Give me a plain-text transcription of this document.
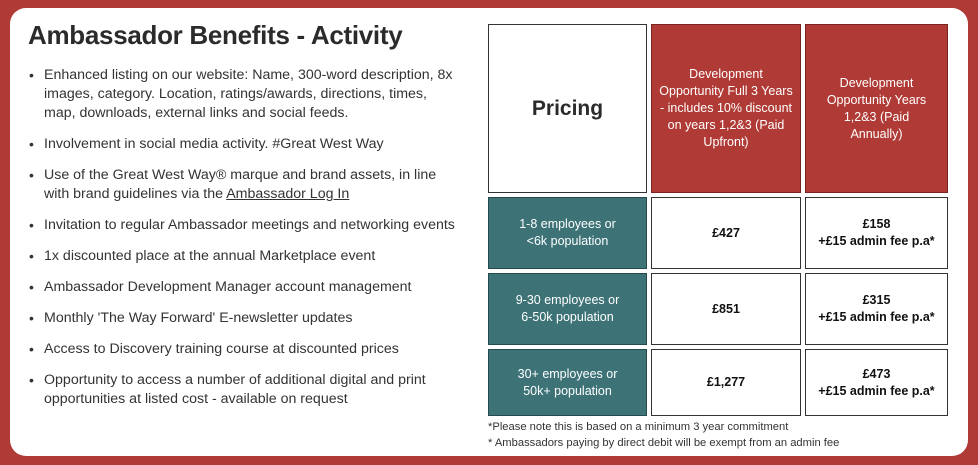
Ambassador Benefits - Activity
• Enhanced listing on our website: Name, 300-word description, 8x images, category. Location, ratings/awards, directions, times, map, downloads, external links and social feeds.
• Involvement in social media activity. #Great West Way
• Use of the Great West Way® marque and brand assets, in line with brand guidelines via the Ambassador Log In
• Invitation to regular Ambassador meetings and networking events
• 1x discounted place at the annual Marketplace event
• Ambassador Development Manager account management
• Monthly 'The Way Forward' E-newsletter updates
• Access to Discovery training course at discounted prices
• Opportunity to access a number of additional digital and print opportunities at listed cost - available on request
Pricing
Development Opportunity Full 3 Years - includes 10% discount on years 1,2&3 (Paid Upfront)
Development Opportunity Years 1,2&3 (Paid Annually)
1-8 employees or <6k population
£427
£158
+£15 admin fee p.a*
9-30 employees or 6-50k population
£851
£315
+£15 admin fee p.a*
30+ employees or 50k+ population
£1,277
£473
+£15 admin fee p.a*
*Please note this is based on a minimum 3 year commitment
* Ambassadors paying by direct debit will be exempt from an admin fee
